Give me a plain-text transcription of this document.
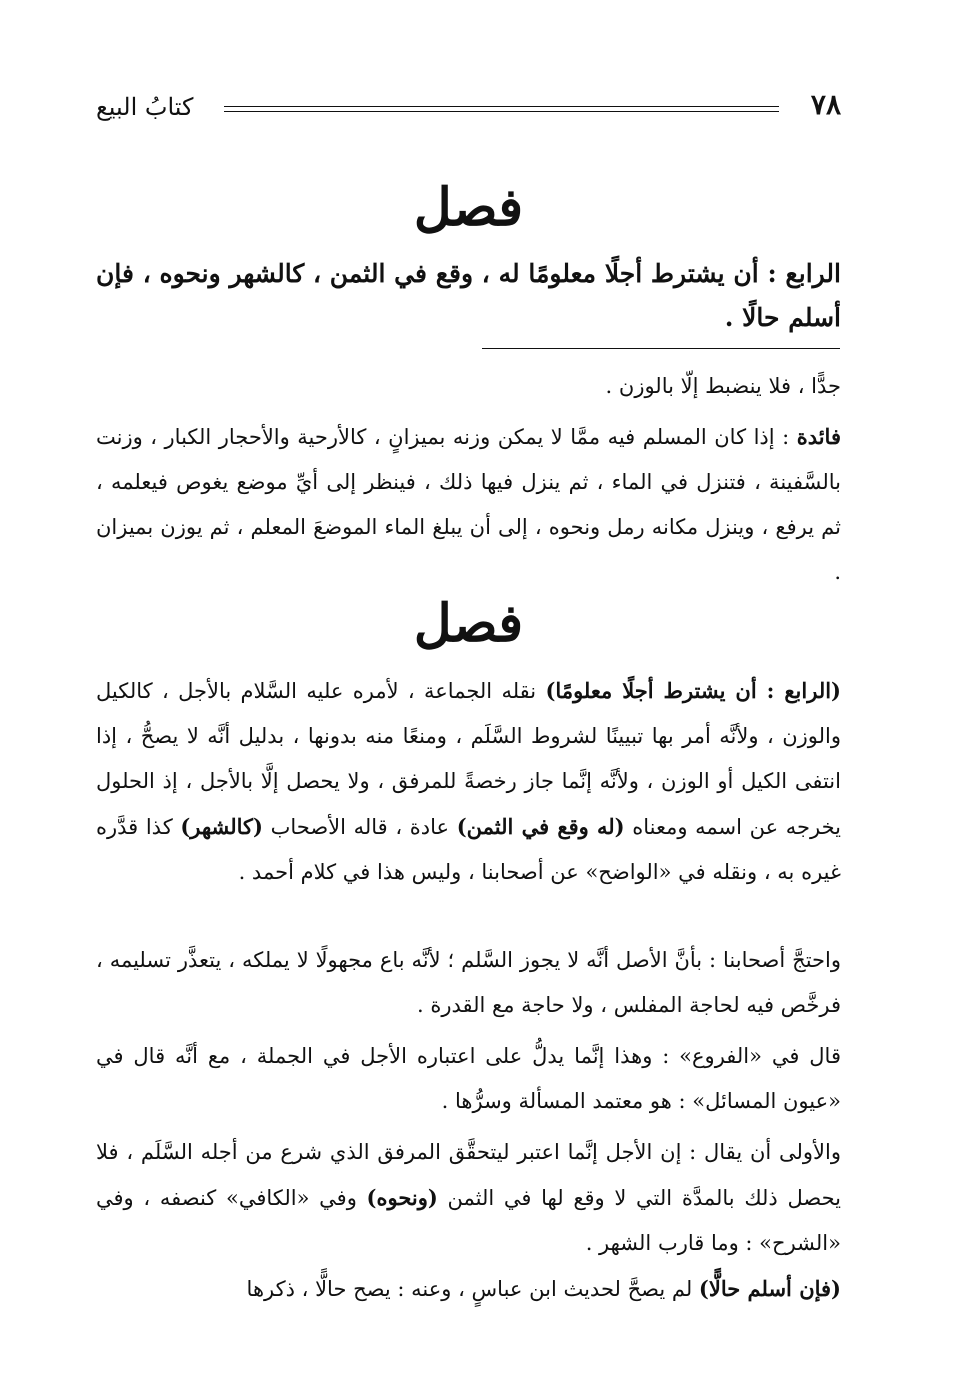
٧٨
كتابُ البيع
فصل

الرابع : أن يشترط أجلًا معلومًا له ، وقع في الثمن ، كالشهر ونحوه ، فإن أسلم حالًا .

جدًّا ، فلا ينضبط إلّا بالوزن .

فائدة : إذا كان المسلم فيه ممَّا لا يمكن وزنه بميزانٍ ، كالأرحية والأحجار الكبار ، وزنت بالسَّفينة ، فتنزل في الماء ، ثم ينزل فيها ذلك ، فينظر إلى أيِّ موضع يغوص فيعلمه ، ثم يرفع ، وينزل مكانه رمل ونحوه ، إلى أن يبلغ الماء الموضعَ المعلم ، ثم يوزن بميزان .

فصل

(الرابع : أن يشترط أجلًا معلومًا) نقله الجماعة ، لأمره عليه السَّلام بالأجل ، كالكيل والوزن ، ولأنَّه أمر بها تبيينًا لشروط السَّلَم ، ومنعًا منه بدونها ، بدليل أنَّه لا يصحُّ ، إذا انتفى الكيل أو الوزن ، ولأنَّه إنَّما جاز رخصةً للمرفق ، ولا يحصل إلَّا بالأجل ، إذ الحلول يخرجه عن اسمه ومعناه (له وقع في الثمن) عادة ، قاله الأصحاب (كالشهر) كذا قدَّره غيره به ، ونقله في «الواضح» عن أصحابنا ، وليس هذا في كلام أحمد .

واحتجَّ أصحابنا : بأنَّ الأصل أنَّه لا يجوز السَّلم ؛ لأنَّه باع مجهولًا لا يملكه ، يتعذَّر تسليمه ، فرخَّص فيه لحاجة المفلس ، ولا حاجة مع القدرة .

قال في «الفروع» : وهذا إنَّما يدلُّ على اعتباره الأجل في الجملة ، مع أنَّه قال في «عيون المسائل» : هو معتمد المسألة وسرُّها .

والأولى أن يقال : إن الأجل إنَّما اعتبر ليتحقَّق المرفق الذي شرع من أجله السَّلَم ، فلا يحصل ذلك بالمدَّة التي لا وقع لها في الثمن (ونحوه) وفي «الكافي» كنصفه ، وفي «الشرح» : وما قارب الشهر .

(فإن أسلم حالًّا) لم يصحَّ لحديث ابن عباسٍ ، وعنه : يصح حالًّا ، ذكرها
